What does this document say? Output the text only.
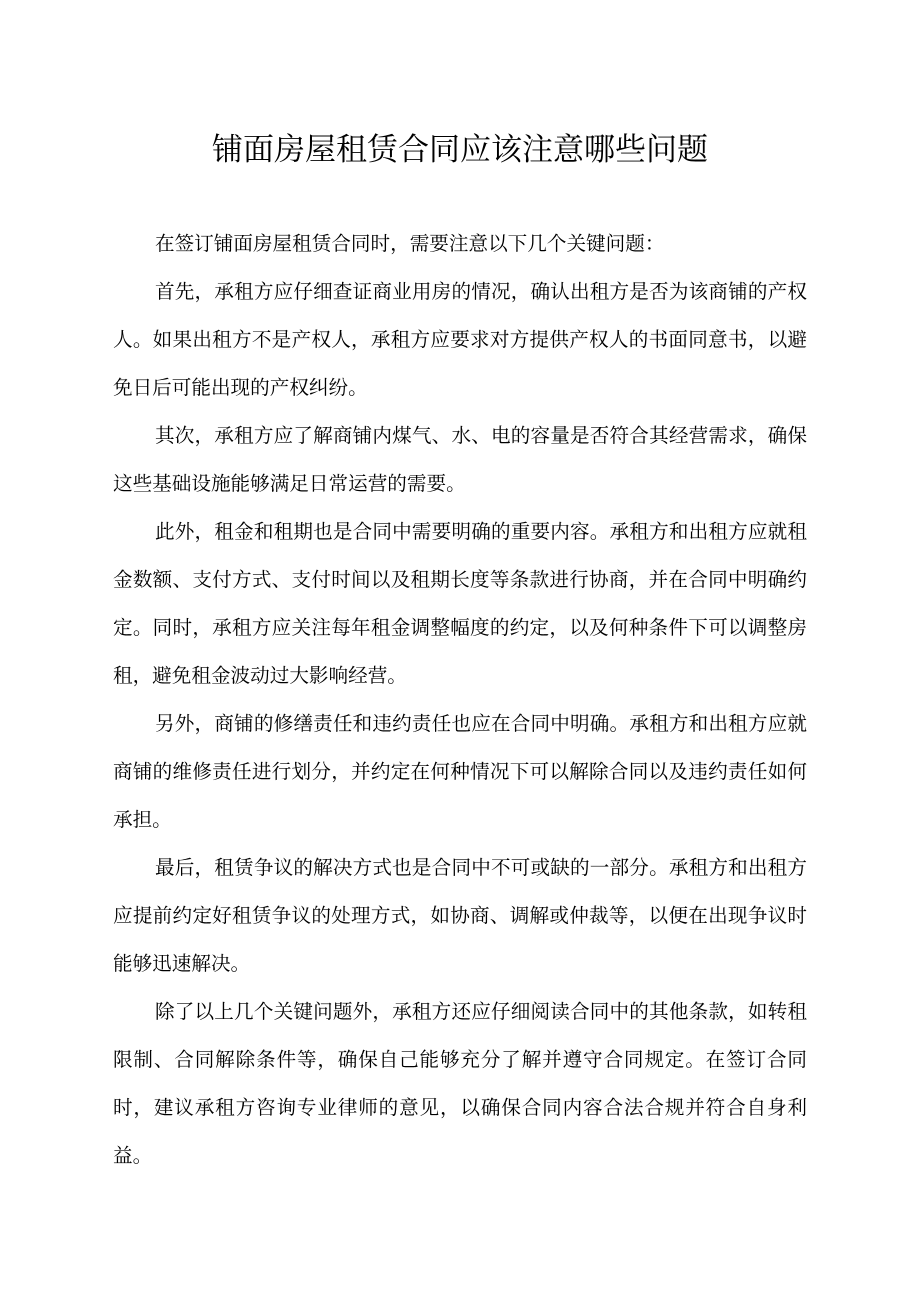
铺面房屋租赁合同应该注意哪些问题

在签订铺面房屋租赁合同时，需要注意以下几个关键问题：

首先，承租方应仔细查证商业用房的情况，确认出租方是否为该商铺的产权人。如果出租方不是产权人，承租方应要求对方提供产权人的书面同意书，以避免日后可能出现的产权纠纷。

其次，承租方应了解商铺内煤气、水、电的容量是否符合其经营需求，确保这些基础设施能够满足日常运营的需要。

此外，租金和租期也是合同中需要明确的重要内容。承租方和出租方应就租金数额、支付方式、支付时间以及租期长度等条款进行协商，并在合同中明确约定。同时，承租方应关注每年租金调整幅度的约定，以及何种条件下可以调整房租，避免租金波动过大影响经营。

另外，商铺的修缮责任和违约责任也应在合同中明确。承租方和出租方应就商铺的维修责任进行划分，并约定在何种情况下可以解除合同以及违约责任如何承担。

最后，租赁争议的解决方式也是合同中不可或缺的一部分。承租方和出租方应提前约定好租赁争议的处理方式，如协商、调解或仲裁等，以便在出现争议时能够迅速解决。

除了以上几个关键问题外，承租方还应仔细阅读合同中的其他条款，如转租限制、合同解除条件等，确保自己能够充分了解并遵守合同规定。在签订合同时，建议承租方咨询专业律师的意见，以确保合同内容合法合规并符合自身利益。
